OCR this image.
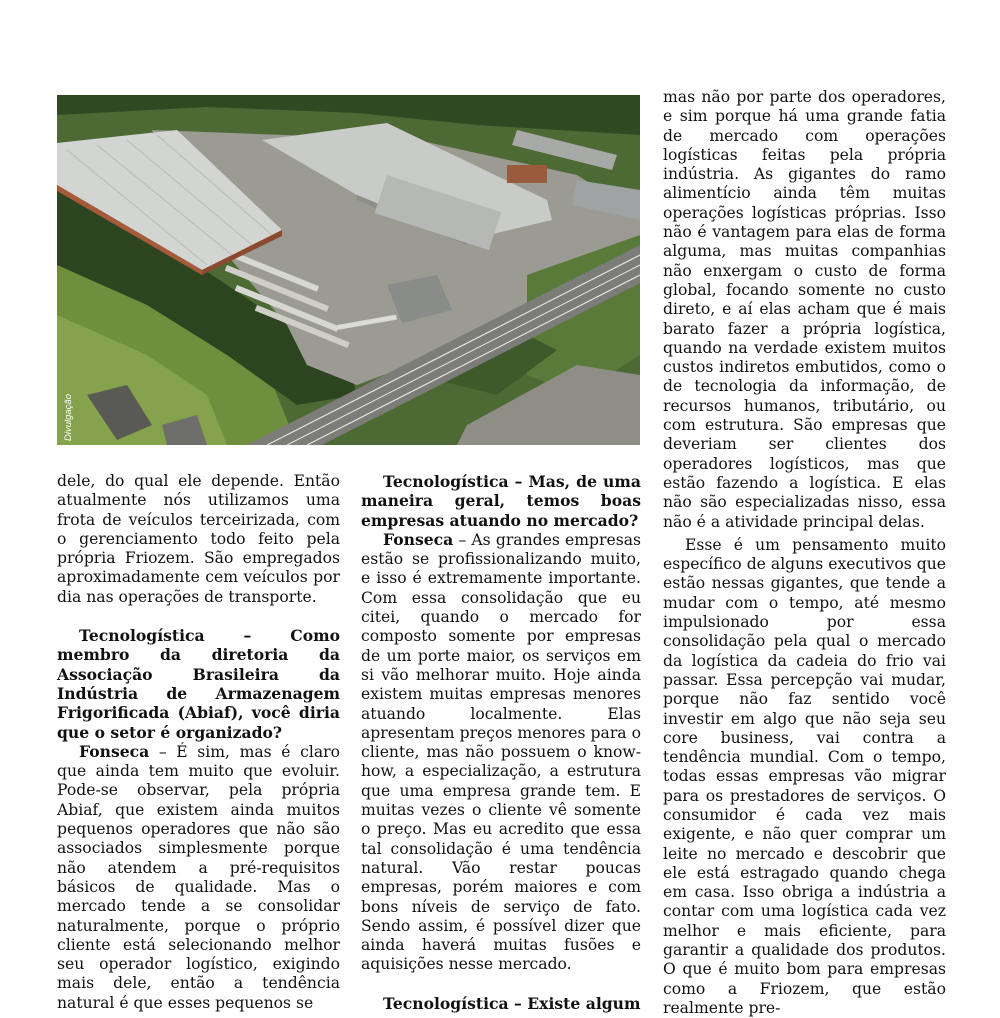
Divulgação

dele, do qual ele depende. Então atualmente nós utilizamos uma frota de veículos terceirizada, com o gerenciamento todo feito pela própria Friozem. São empregados aproximadamente cem veículos por dia nas operações de transporte.

Tecnologística – Como membro da diretoria da Associação Brasileira da Indústria de Armazenagem Frigorificada (Abiaf), você diria que o setor é organizado?

Fonseca – É sim, mas é claro que ainda tem muito que evoluir. Pode-se observar, pela própria Abiaf, que existem ainda muitos pequenos operadores que não são associados simplesmente porque não atendem a pré-requisitos básicos de qualidade. Mas o mercado tende a se consolidar naturalmente, porque o próprio cliente está selecionando melhor seu operador logístico, exigindo mais dele, então a tendência natural é que esses pequenos se

Tecnologística – Mas, de uma maneira geral, temos boas empresas atuando no mercado?

Fonseca – As grandes empresas estão se profissionalizando muito, e isso é extremamente importante. Com essa consolidação que eu citei, quando o mercado for composto somente por empresas de um porte maior, os serviços em si vão melhorar muito. Hoje ainda existem muitas empresas menores atuando localmente. Elas apresentam preços menores para o cliente, mas não possuem o know-how, a especialização, a estrutura que uma empresa grande tem. E muitas vezes o cliente vê somente o preço. Mas eu acredito que essa tal consolidação é uma tendência natural. Vão restar poucas empresas, porém maiores e com bons níveis de serviço de fato. Sendo assim, é possível dizer que ainda haverá muitas fusões e aquisições nesse mercado.

Tecnologística – Existe algum

mas não por parte dos operadores, e sim porque há uma grande fatia de mercado com operações logísticas feitas pela própria indústria. As gigantes do ramo alimentício ainda têm muitas operações logísticas próprias. Isso não é vantagem para elas de forma alguma, mas muitas companhias não enxergam o custo de forma global, focando somente no custo direto, e aí elas acham que é mais barato fazer a própria logística, quando na verdade existem muitos custos indiretos embutidos, como o de tecnologia da informação, de recursos humanos, tributário, ou com estrutura. São empresas que deveriam ser clientes dos operadores logísticos, mas que estão fazendo a logística. E elas não são especializadas nisso, essa não é a atividade principal delas.

Esse é um pensamento muito específico de alguns executivos que estão nessas gigantes, que tende a mudar com o tempo, até mesmo impulsionado por essa consolidação pela qual o mercado da logística da cadeia do frio vai passar. Essa percepção vai mudar, porque não faz sentido você investir em algo que não seja seu core business, vai contra a tendência mundial. Com o tempo, todas essas empresas vão migrar para os prestadores de serviços. O consumidor é cada vez mais exigente, e não quer comprar um leite no mercado e descobrir que ele está estragado quando chega em casa. Isso obriga a indústria a contar com uma logística cada vez melhor e mais eficiente, para garantir a qualidade dos produtos. O que é muito bom para empresas como a Friozem, que estão realmente pre-
